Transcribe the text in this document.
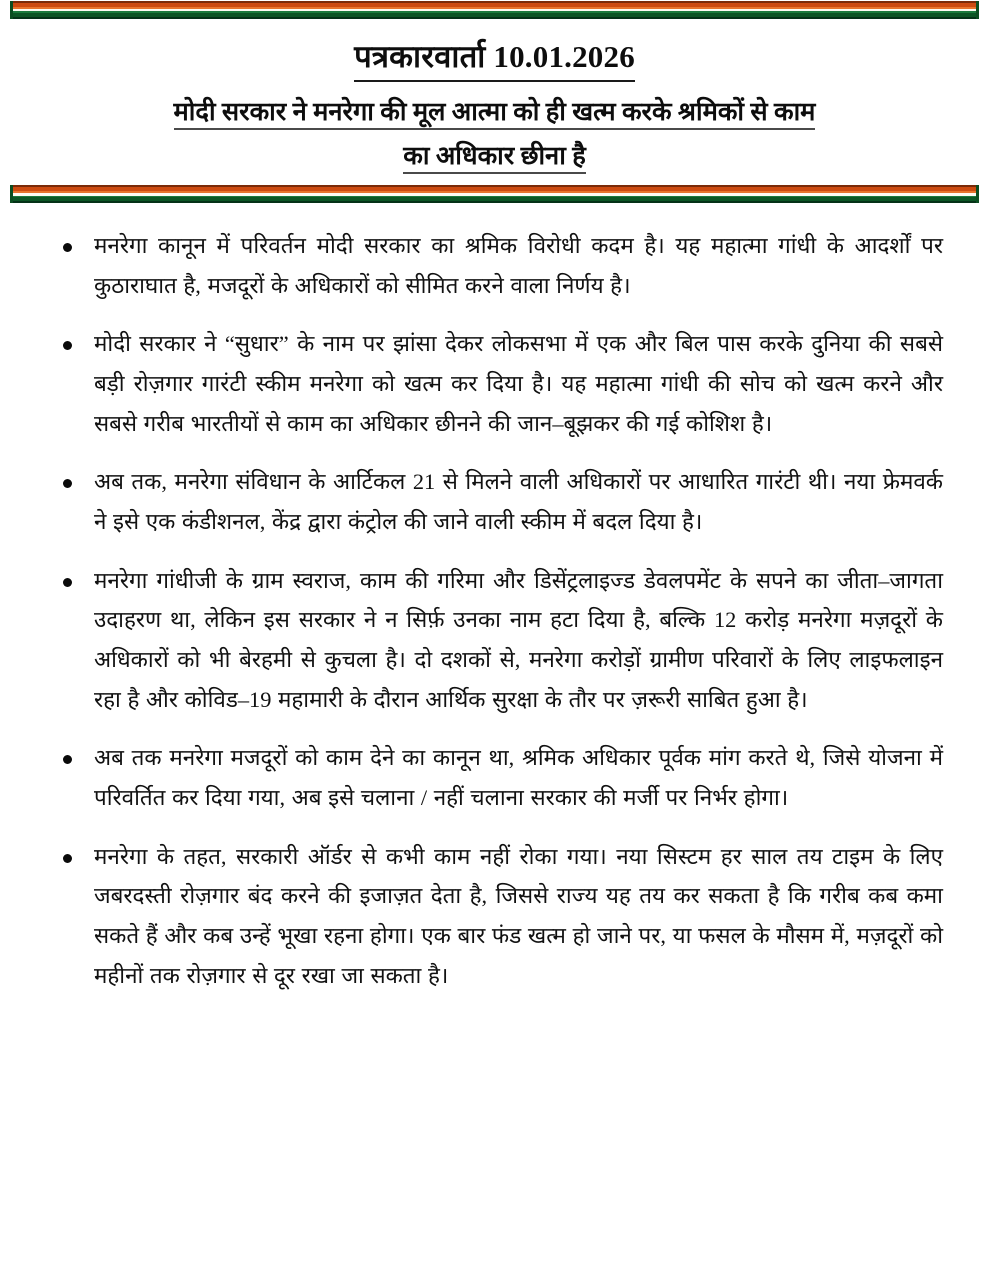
पत्रकारवार्ता 10.01.2026
मोदी सरकार ने मनरेगा की मूल आत्मा को ही खत्म करके श्रमिकों से काम
का अधिकार छीना है
मनरेगा कानून में परिवर्तन मोदी सरकार का श्रमिक विरोधी कदम है। यह महात्मा गांधी के आदर्शों पर कुठाराघात है, मजदूरों के अधिकारों को सीमित करने वाला निर्णय है।
मोदी सरकार ने “सुधार” के नाम पर झांसा देकर लोकसभा में एक और बिल पास करके दुनिया की सबसे बड़ी रोज़गार गारंटी स्कीम मनरेगा को खत्म कर दिया है। यह महात्मा गांधी की सोच को खत्म करने और सबसे गरीब भारतीयों से काम का अधिकार छीनने की जान–बूझकर की गई कोशिश है।
अब तक, मनरेगा संविधान के आर्टिकल 21 से मिलने वाली अधिकारों पर आधारित गारंटी थी। नया फ्रेमवर्क ने इसे एक कंडीशनल, केंद्र द्वारा कंट्रोल की जाने वाली स्कीम में बदल दिया है।
मनरेगा गांधीजी के ग्राम स्वराज, काम की गरिमा और डिसेंट्रलाइज्ड डेवलपमेंट के सपने का जीता–जागता उदाहरण था, लेकिन इस सरकार ने न सिर्फ़ उनका नाम हटा दिया है, बल्कि 12 करोड़ मनरेगा मज़दूरों के अधिकारों को भी बेरहमी से कुचला है। दो दशकों से, मनरेगा करोड़ों ग्रामीण परिवारों के लिए लाइफलाइन रहा है और कोविड–19 महामारी के दौरान आर्थिक सुरक्षा के तौर पर ज़रूरी साबित हुआ है।
अब तक मनरेगा मजदूरों को काम देने का कानून था, श्रमिक अधिकार पूर्वक मांग करते थे, जिसे योजना में परिवर्तित कर दिया गया, अब इसे चलाना / नहीं चलाना सरकार की मर्जी पर निर्भर होगा।
मनरेगा के तहत, सरकारी ऑर्डर से कभी काम नहीं रोका गया। नया सिस्टम हर साल तय टाइम के लिए जबरदस्ती रोज़गार बंद करने की इजाज़त देता है, जिससे राज्य यह तय कर सकता है कि गरीब कब कमा सकते हैं और कब उन्हें भूखा रहना होगा। एक बार फंड खत्म हो जाने पर, या फसल के मौसम में, मज़दूरों को महीनों तक रोज़गार से दूर रखा जा सकता है।
